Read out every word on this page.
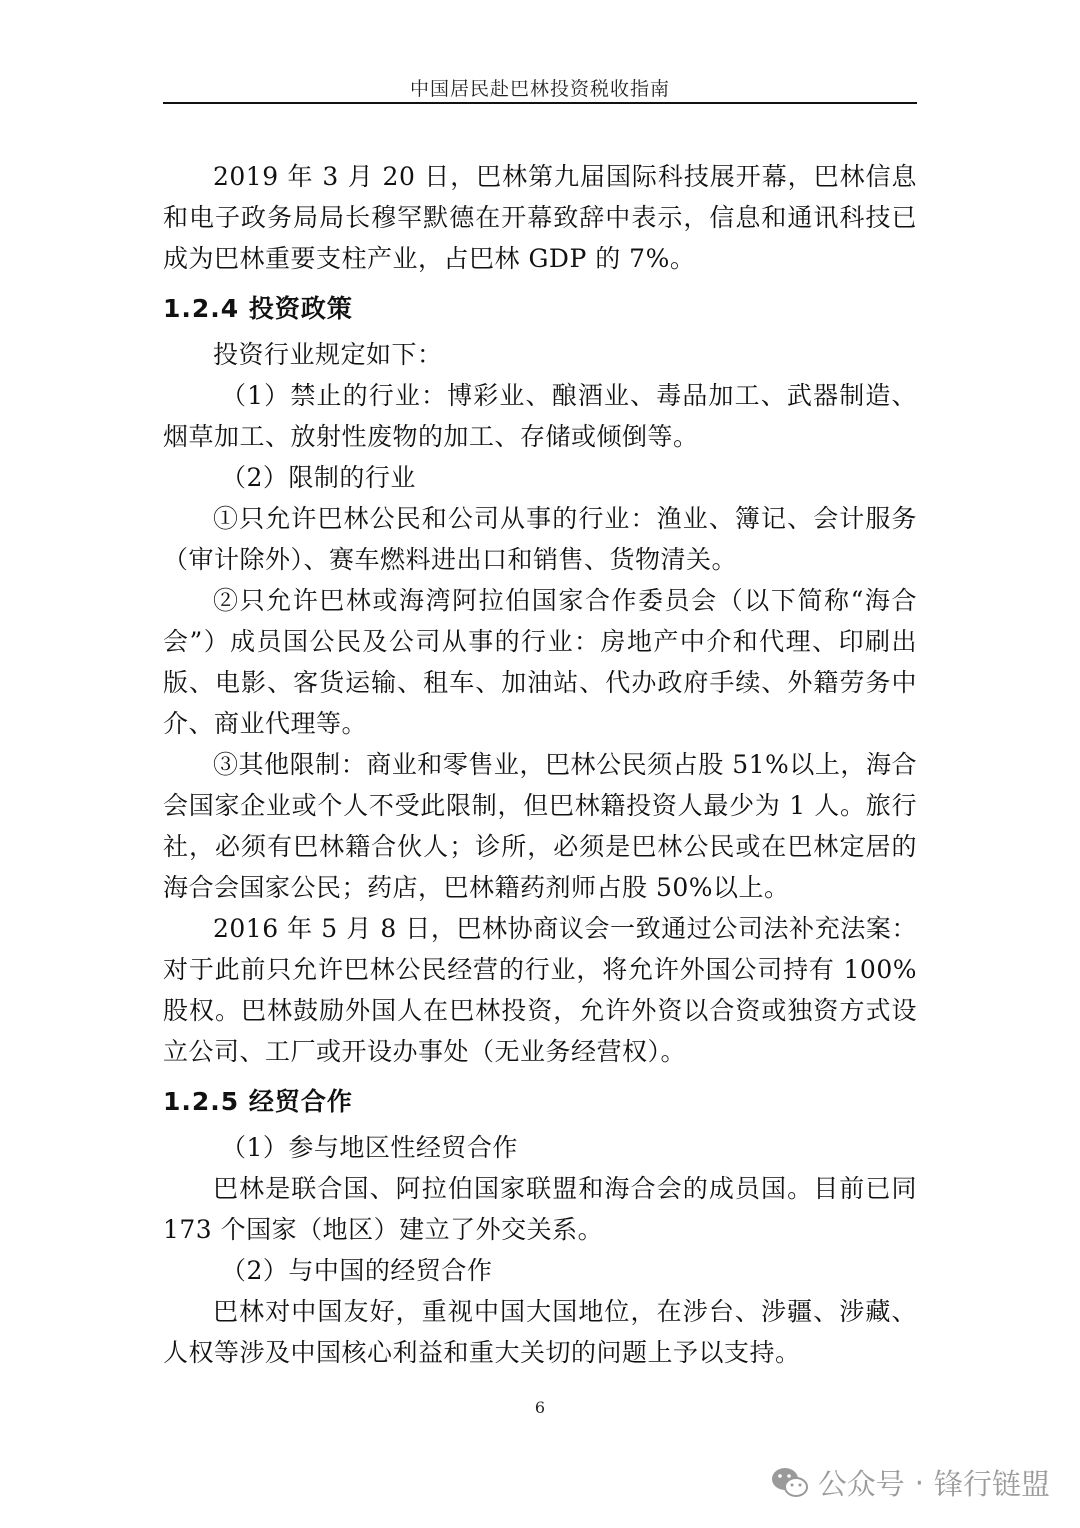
中国居民赴巴林投资税收指南

2019 年 3 月 20 日，巴林第九届国际科技展开幕，巴林信息和电子政务局局长穆罕默德在开幕致辞中表示，信息和通讯科技已成为巴林重要支柱产业，占巴林 GDP 的 7%。

1.2.4 投资政策

投资行业规定如下：

（1）禁止的行业：博彩业、酿酒业、毒品加工、武器制造、烟草加工、放射性废物的加工、存储或倾倒等。

（2）限制的行业

①只允许巴林公民和公司从事的行业：渔业、簿记、会计服务（审计除外）、赛车燃料进出口和销售、货物清关。

②只允许巴林或海湾阿拉伯国家合作委员会（以下简称“海合会”）成员国公民及公司从事的行业：房地产中介和代理、印刷出版、电影、客货运输、租车、加油站、代办政府手续、外籍劳务中介、商业代理等。

③其他限制：商业和零售业，巴林公民须占股 51%以上，海合会国家企业或个人不受此限制，但巴林籍投资人最少为 1 人。旅行社，必须有巴林籍合伙人；诊所，必须是巴林公民或在巴林定居的海合会国家公民；药店，巴林籍药剂师占股 50%以上。

2016 年 5 月 8 日，巴林协商议会一致通过公司法补充法案：对于此前只允许巴林公民经营的行业，将允许外国公司持有 100%股权。巴林鼓励外国人在巴林投资，允许外资以合资或独资方式设立公司、工厂或开设办事处（无业务经营权）。

1.2.5 经贸合作

（1）参与地区性经贸合作

巴林是联合国、阿拉伯国家联盟和海合会的成员国。目前已同173 个国家（地区）建立了外交关系。

（2）与中国的经贸合作

巴林对中国友好，重视中国大国地位，在涉台、涉疆、涉藏、人权等涉及中国核心利益和重大关切的问题上予以支持。

6
公众号 · 锋行链盟
